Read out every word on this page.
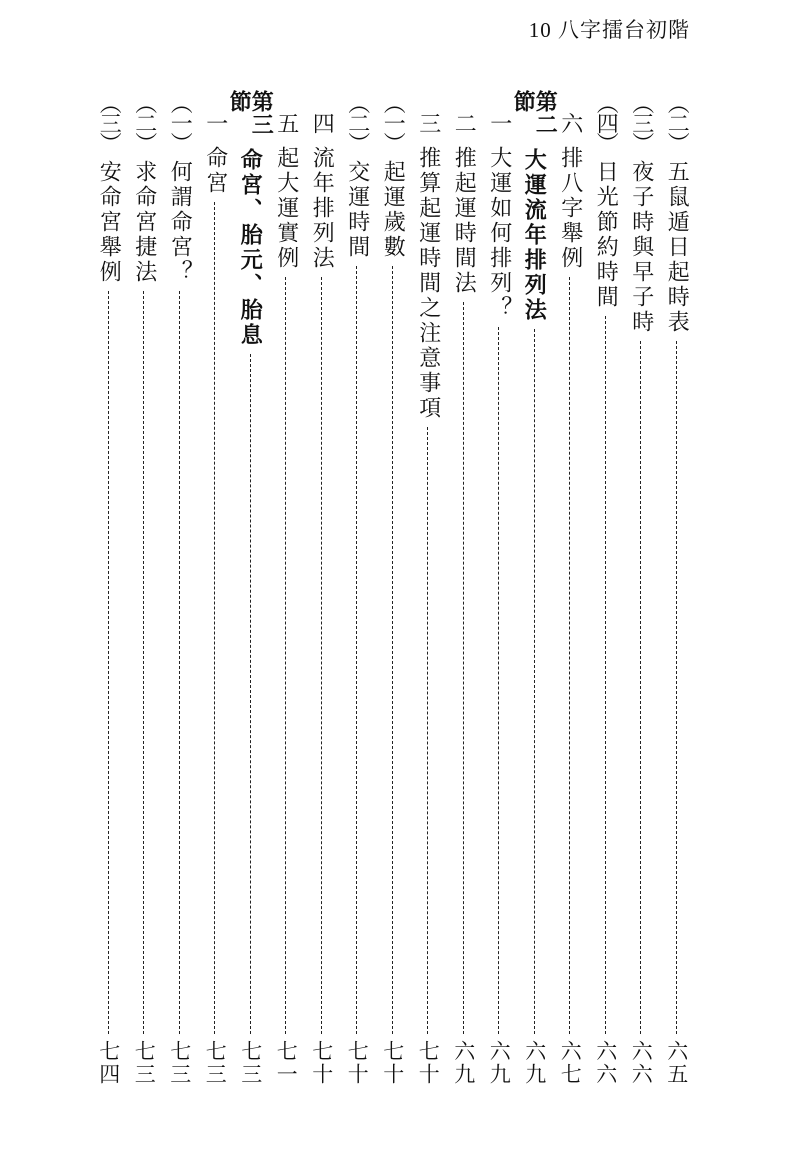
10 八字擂台初階
（二）
五鼠遁日起時表
六五
（三）
夜子時與早子時
六六
（四）
日光節約時間
六六
六
排八字舉例
六七
第二節
大運流年排列法
六九
一
大運如何排列？
六九
二
推起運時間法
六九
三
推算起運時間之注意事項
七十
（一）
起運歲數
七十
（二）
交運時間
七十
四
流年排列法
七十
五
起大運實例
七一
第三節
命宮、胎元、胎息
七三
一
命宮
七三
（一）
何謂命宮？
七三
（二）
求命宮捷法
七三
（三）
安命宮舉例
七四
